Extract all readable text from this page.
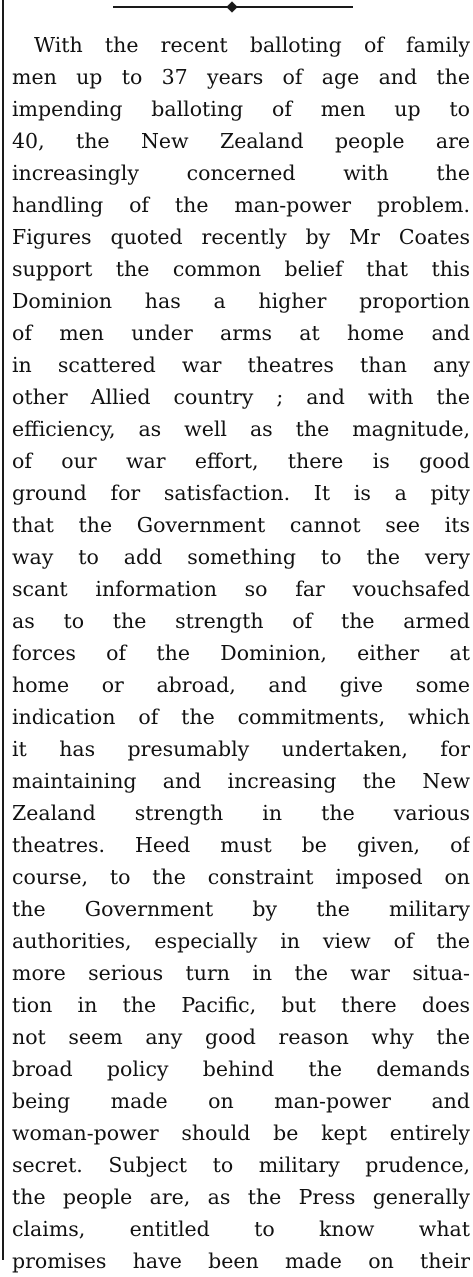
With the recent balloting of family
men up to 37 years of age and the
impending balloting of men up to
40, the New Zealand people are
increasingly concerned with the
handling of the man-power problem.
Figures quoted recently by Mr Coates
support the common belief that this
Dominion has a higher proportion
of men under arms at home and
in scattered war theatres than any
other Allied country ; and with the
efficiency, as well as the magnitude,
of our war effort, there is good
ground for satisfaction. It is a pity
that the Government cannot see its
way to add something to the very
scant information so far vouchsafed
as to the strength of the armed
forces of the Dominion, either at
home or abroad, and give some
indication of the commitments, which
it has presumably undertaken, for
maintaining and increasing the New
Zealand strength in the various
theatres. Heed must be given, of
course, to the constraint imposed on
the Government by the military
authorities, especially in view of the
more serious turn in the war situa-
tion in the Pacific, but there does
not seem any good reason why the
broad policy behind the demands
being made on man-power and
woman-power should be kept entirely
secret. Subject to military prudence,
the people are, as the Press generally
claims, entitled to know what
promises have been made on their
